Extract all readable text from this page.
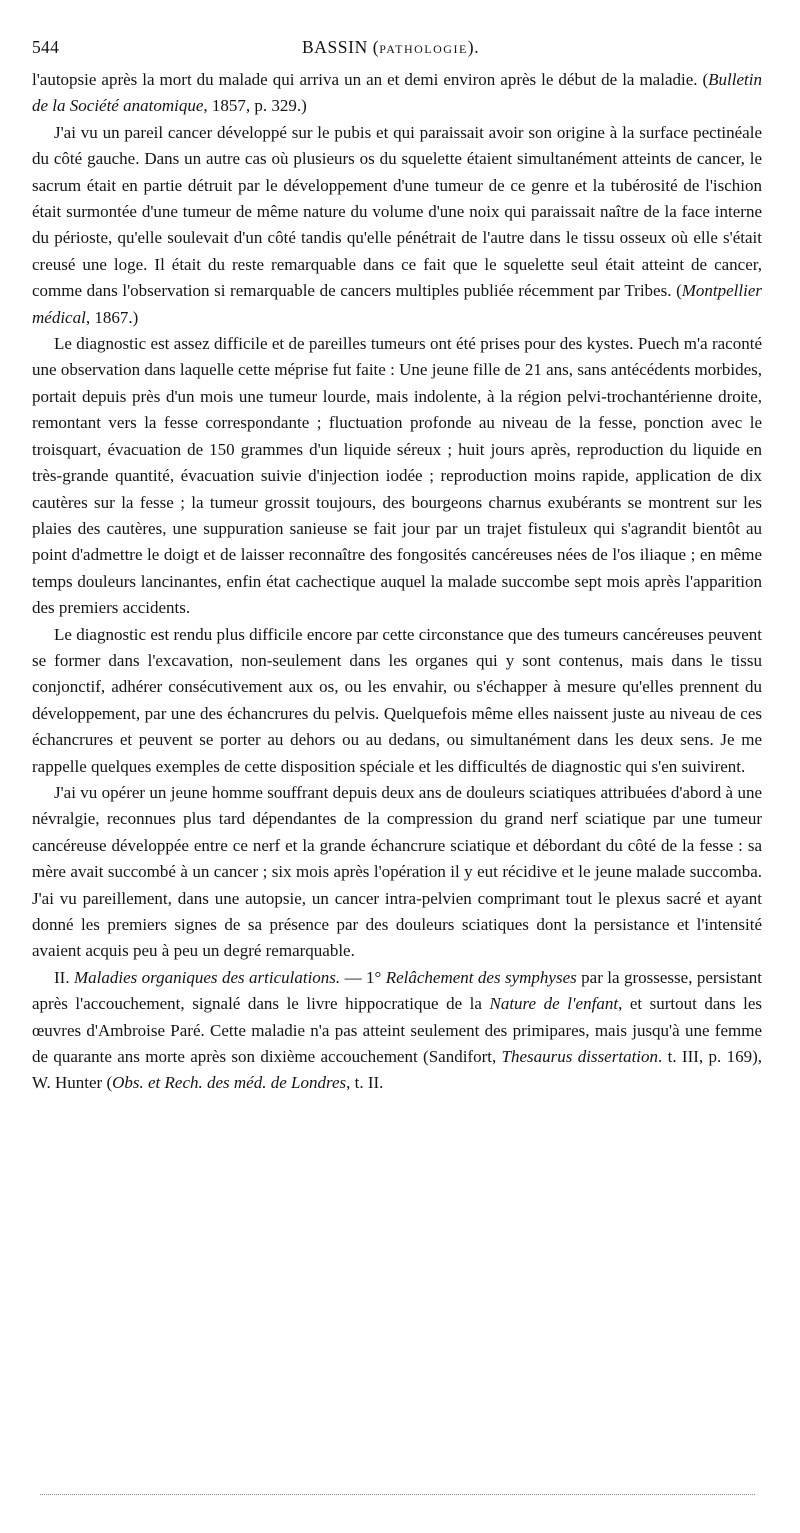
544	BASSIN (PATHOLOGIE).

l'autopsie après la mort du malade qui arriva un an et demi environ après le début de la maladie. (Bulletin de la Société anatomique, 1857, p. 329.)

J'ai vu un pareil cancer développé sur le pubis et qui paraissait avoir son origine à la surface pectinéale du côté gauche. Dans un autre cas où plusieurs os du squelette étaient simultanément atteints de cancer, le sacrum était en partie détruit par le développement d'une tumeur de ce genre et la tubérosité de l'ischion était surmontée d'une tumeur de même nature du volume d'une noix qui paraissait naître de la face interne du périoste, qu'elle soulevait d'un côté tandis qu'elle pénétrait de l'autre dans le tissu osseux où elle s'était creusé une loge. Il était du reste remarquable dans ce fait que le squelette seul était atteint de cancer, comme dans l'observation si remarquable de cancers multiples publiée récemment par Tribes. (Montpellier médical, 1867.)

Le diagnostic est assez difficile et de pareilles tumeurs ont été prises pour des kystes. Puech m'a raconté une observation dans laquelle cette méprise fut faite : Une jeune fille de 21 ans, sans antécédents morbides, portait depuis près d'un mois une tumeur lourde, mais indolente, à la région pelvi-trochantérienne droite, remontant vers la fesse correspondante ; fluctuation profonde au niveau de la fesse, ponction avec le troisquart, évacuation de 150 grammes d'un liquide séreux ; huit jours après, reproduction du liquide en très-grande quantité, évacuation suivie d'injection iodée ; reproduction moins rapide, application de dix cautères sur la fesse ; la tumeur grossit toujours, des bourgeons charnus exubérants se montrent sur les plaies des cautères, une suppuration sanieuse se fait jour par un trajet fistuleux qui s'agrandit bientôt au point d'admettre le doigt et de laisser reconnaître des fongosités cancéreuses nées de l'os iliaque ; en même temps douleurs lancinantes, enfin état cachectique auquel la malade succombe sept mois après l'apparition des premiers accidents.

Le diagnostic est rendu plus difficile encore par cette circonstance que des tumeurs cancéreuses peuvent se former dans l'excavation, non-seulement dans les organes qui y sont contenus, mais dans le tissu conjonctif, adhérer consécutivement aux os, ou les envahir, ou s'échapper à mesure qu'elles prennent du développement, par une des échancrures du pelvis. Quelquefois même elles naissent juste au niveau de ces échancrures et peuvent se porter au dehors ou au dedans, ou simultanément dans les deux sens. Je me rappelle quelques exemples de cette disposition spéciale et les difficultés de diagnostic qui s'en suivirent.

J'ai vu opérer un jeune homme souffrant depuis deux ans de douleurs sciatiques attribuées d'abord à une névralgie, reconnues plus tard dépendantes de la compression du grand nerf sciatique par une tumeur cancéreuse développée entre ce nerf et la grande échancrure sciatique et débordant du côté de la fesse : sa mère avait succombé à un cancer ; six mois après l'opération il y eut récidive et le jeune malade succomba. J'ai vu pareillement, dans une autopsie, un cancer intra-pelvien comprimant tout le plexus sacré et ayant donné les premiers signes de sa présence par des douleurs sciatiques dont la persistance et l'intensité avaient acquis peu à peu un degré remarquable.

II. Maladies organiques des articulations. — 1° Relâchement des symphyses par la grossesse, persistant après l'accouchement, signalé dans le livre hippocratique de la Nature de l'enfant, et surtout dans les œuvres d'Ambroise Paré. Cette maladie n'a pas atteint seulement des primipares, mais jusqu'à une femme de quarante ans morte après son dixième accouchement (Sandifort, Thesaurus dissertation. t. III, p. 169), W. Hunter (Obs. et Rech. des méd. de Londres, t. II.
